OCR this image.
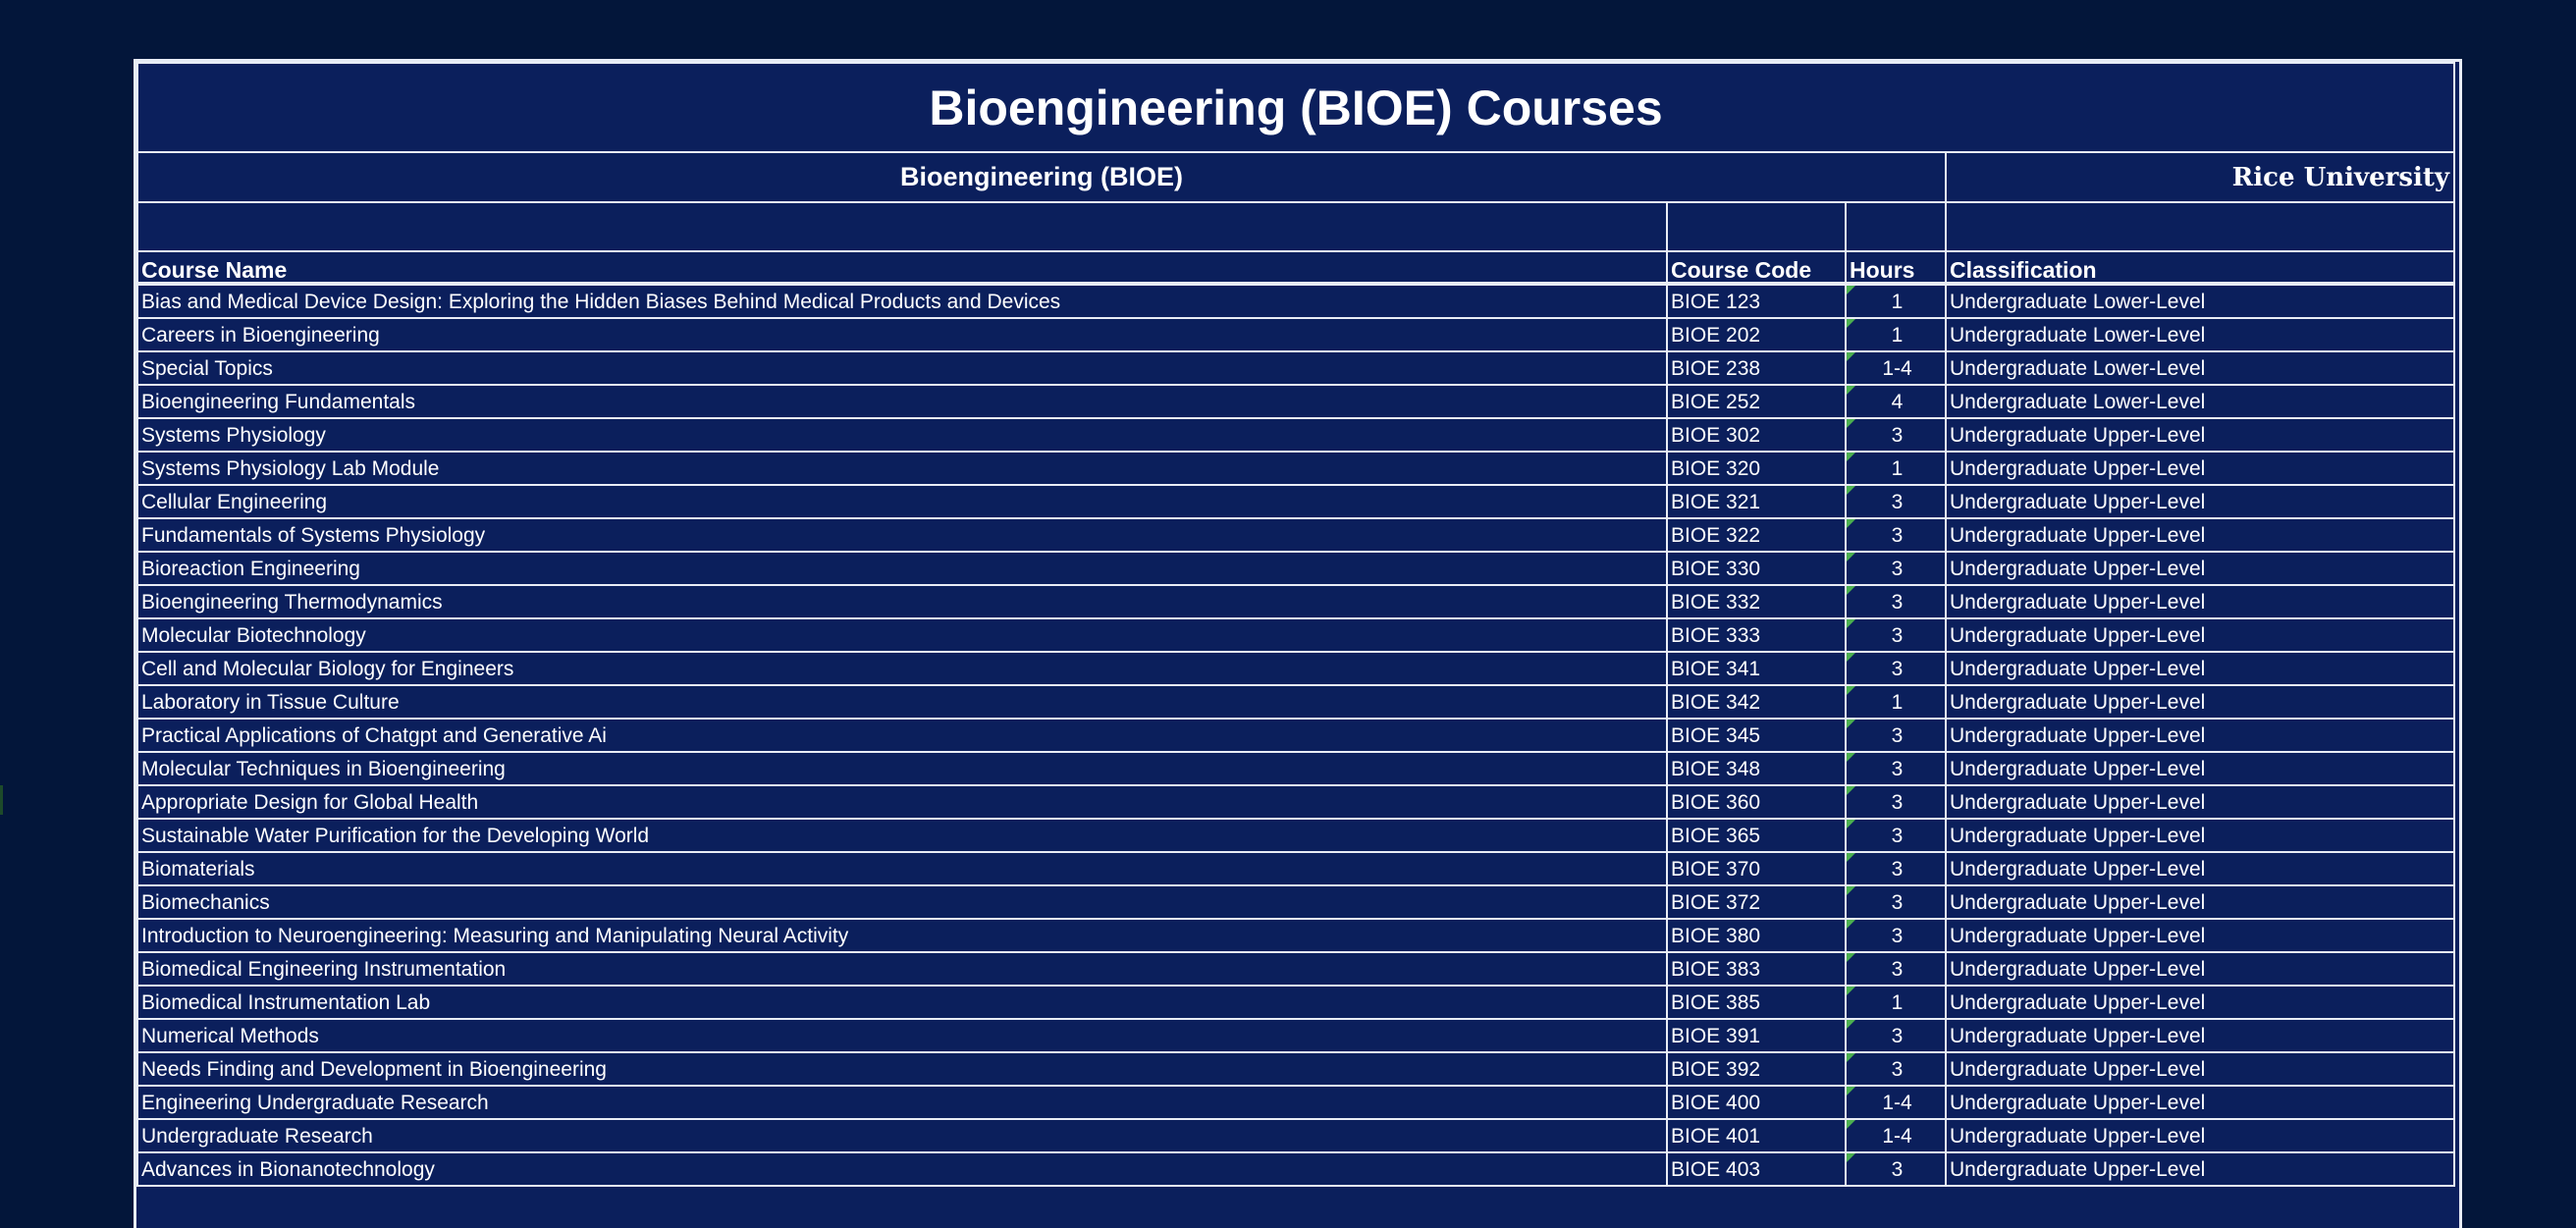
Bioengineering (BIOE) Courses			
Bioengineering (BIOE)			Rice University

Course Name	Course Code	Hours	Classification
Bias and Medical Device Design: Exploring the Hidden Biases Behind Medical Products and Devices	BIOE 123	1	Undergraduate Lower-Level
Careers in Bioengineering	BIOE 202	1	Undergraduate Lower-Level
Special Topics	BIOE 238	1-4	Undergraduate Lower-Level
Bioengineering Fundamentals	BIOE 252	4	Undergraduate Lower-Level
Systems Physiology	BIOE 302	3	Undergraduate Upper-Level
Systems Physiology Lab Module	BIOE 320	1	Undergraduate Upper-Level
Cellular Engineering	BIOE 321	3	Undergraduate Upper-Level
Fundamentals of Systems Physiology	BIOE 322	3	Undergraduate Upper-Level
Bioreaction Engineering	BIOE 330	3	Undergraduate Upper-Level
Bioengineering Thermodynamics	BIOE 332	3	Undergraduate Upper-Level
Molecular Biotechnology	BIOE 333	3	Undergraduate Upper-Level
Cell and Molecular Biology for Engineers	BIOE 341	3	Undergraduate Upper-Level
Laboratory in Tissue Culture	BIOE 342	1	Undergraduate Upper-Level
Practical Applications of Chatgpt and Generative Ai	BIOE 345	3	Undergraduate Upper-Level
Molecular Techniques in Bioengineering	BIOE 348	3	Undergraduate Upper-Level
Appropriate Design for Global Health	BIOE 360	3	Undergraduate Upper-Level
Sustainable Water Purification for the Developing World	BIOE 365	3	Undergraduate Upper-Level
Biomaterials	BIOE 370	3	Undergraduate Upper-Level
Biomechanics	BIOE 372	3	Undergraduate Upper-Level
Introduction to Neuroengineering: Measuring and Manipulating Neural Activity	BIOE 380	3	Undergraduate Upper-Level
Biomedical Engineering Instrumentation	BIOE 383	3	Undergraduate Upper-Level
Biomedical Instrumentation Lab	BIOE 385	1	Undergraduate Upper-Level
Numerical Methods	BIOE 391	3	Undergraduate Upper-Level
Needs Finding and Development in Bioengineering	BIOE 392	3	Undergraduate Upper-Level
Engineering Undergraduate Research	BIOE 400	1-4	Undergraduate Upper-Level
Undergraduate Research	BIOE 401	1-4	Undergraduate Upper-Level
Advances in Bionanotechnology	BIOE 403	3	Undergraduate Upper-Level
